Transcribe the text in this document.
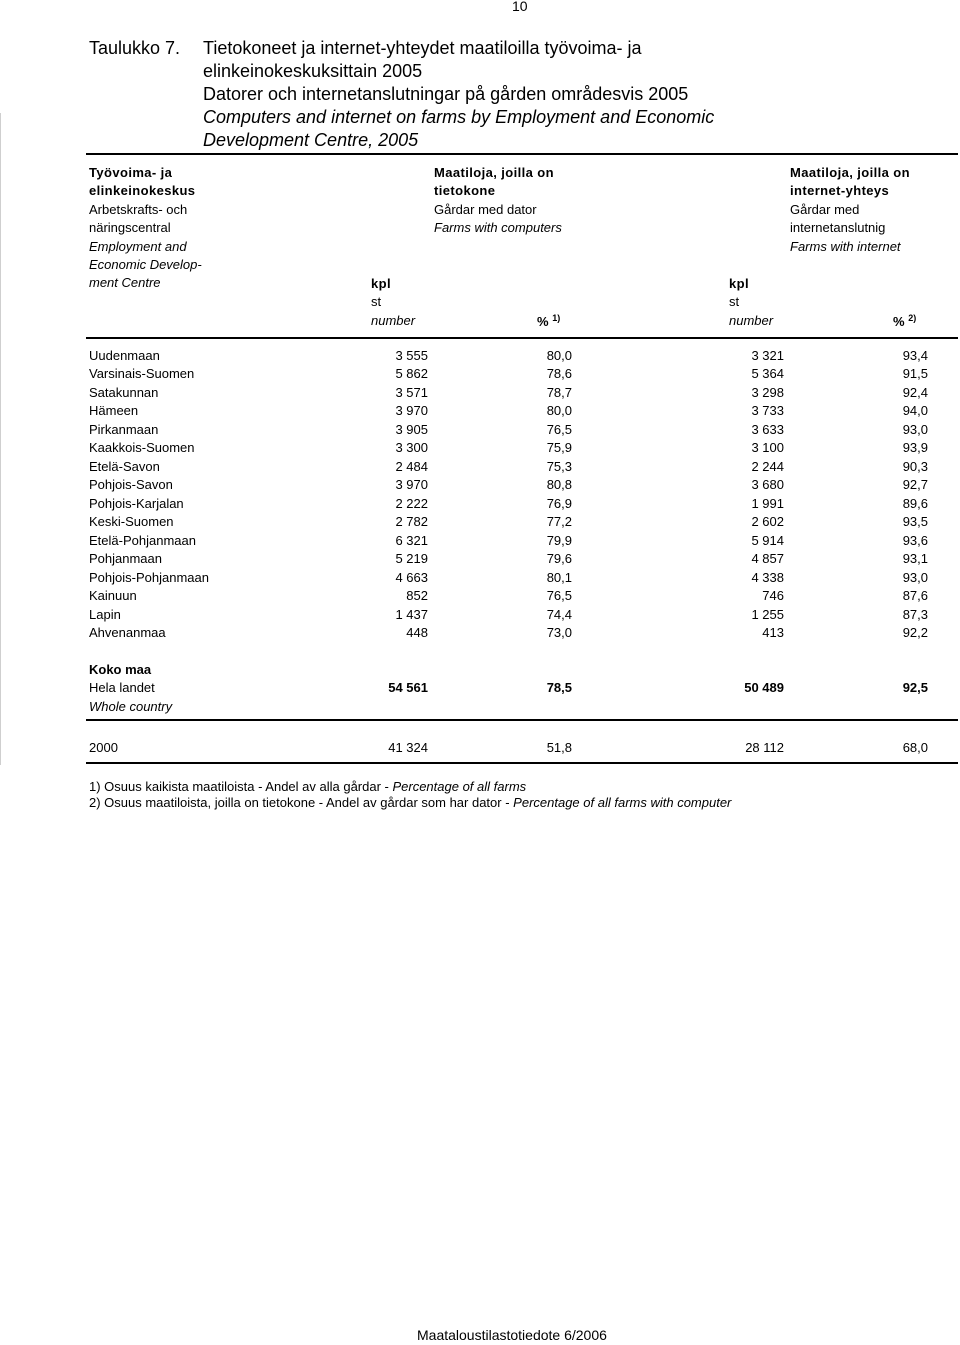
10
Taulukko 7. Tietokoneet ja internet-yhteydet maatiloilla työvoima- ja
elinkeinokeskuksittain 2005
Datorer och internetanslutningar på gården områdesvis 2005
Computers and internet on farms by Employment and Economic
Development Centre, 2005
Työvoima- ja
elinkeinokeskus
Arbetskrafts- och
näringscentral
Employment and
Economic Develop-
ment Centre
Maatiloja, joilla on
tietokone
Gårdar med dator
Farms with computers
Maatiloja, joilla on
internet-yhteys
Gårdar med
internetanslutnig
Farms with internet
kpl
st
number
kpl
st
number
% $^{1)}$	% $^{2)}$
Uudenmaan	3 555	80,0	3 321	93,4
Varsinais-Suomen	5 862	78,6	5 364	91,5
Satakunnan	3 571	78,7	3 298	92,4
Hämeen	3 970	80,0	3 733	94,0
Pirkanmaan	3 905	76,5	3 633	93,0
Kaakkois-Suomen	3 300	75,9	3 100	93,9
Etelä-Savon	2 484	75,3	2 244	90,3
Pohjois-Savon	3 970	80,8	3 680	92,7
Pohjois-Karjalan	2 222	76,9	1 991	89,6
Keski-Suomen	2 782	77,2	2 602	93,5
Etelä-Pohjanmaan	6 321	79,9	5 914	93,6
Pohjanmaan	5 219	79,6	4 857	93,1
Pohjois-Pohjanmaan	4 663	80,1	4 338	93,0
Kainuun	852	76,5	746	87,6
Lapin	1 437	74,4	1 255	87,3
Ahvenanmaa	448	73,0	413	92,2
Koko maa
Hela landet	54 561	78,5	50 489	92,5
Whole country
2000	41 324	51,8	28 112	68,0
1) Osuus kaikista maatiloista - Andel av alla gårdar - Percentage of all farms
2) Osuus maatiloista, joilla on tietokone - Andel av gårdar som har dator - Percentage of all farms with computer
Maataloustilastotiedote 6/2006
